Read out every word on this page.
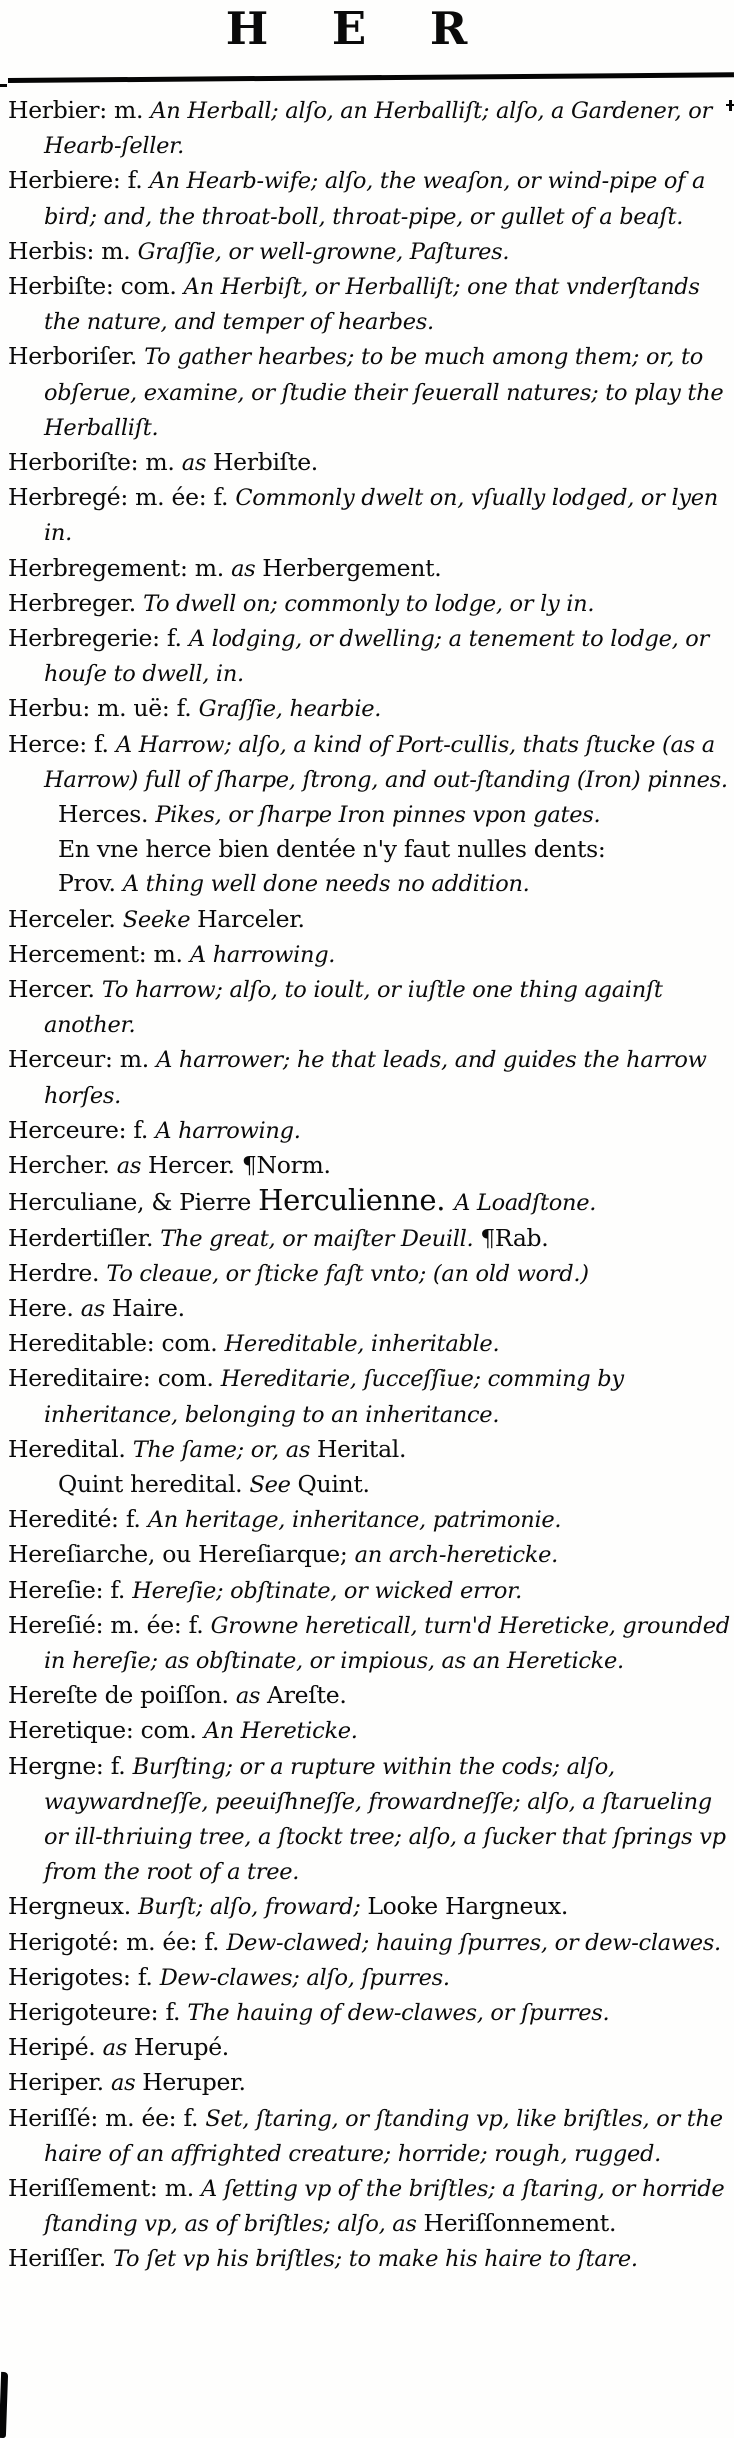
H E R

Herbier: m. An Herball; alſo, an Herballiſt; alſo, a Gardener, or Hearb-ſeller.

Herbiere: f. An Hearb-wife; alſo, the weaſon, or wind-pipe of a bird; and, the throat-boll, throat-pipe, or gullet of a beaſt.

Herbis: m. Graſſie, or well-growne, Paſtures.

Herbiſte: com. An Herbiſt, or Herballiſt; one that vnderſtands the nature, and temper of hearbes.

Herboriſer. To gather hearbes; to be much among them; or, to obſerue, examine, or ſtudie their ſeuerall natures; to play the Herballiſt.

Herboriſte: m. as Herbiſte.

Herbregé: m. ée: f. Commonly dwelt on, vſually lodged, or lyen in.

Herbregement: m. as Herbergement.

Herbreger. To dwell on; commonly to lodge, or ly in.

Herbregerie: f. A lodging, or dwelling; a tenement to lodge, or houſe to dwell, in.

Herbu: m. uë: f. Graſſie, hearbie.

Herce: f. A Harrow; alſo, a kind of Port-cullis, thats ſtucke (as a Harrow) full of ſharpe, ſtrong, and out-ſtanding (Iron) pinnes.

Herces. Pikes, or ſharpe Iron pinnes vpon gates.

En vne herce bien dentée n'y faut nulles dents:

Prov. A thing well done needs no addition.

Herceler. Seeke Harceler.

Hercement: m. A harrowing.

Hercer. To harrow; alſo, to ioult, or iuſtle one thing againſt another.

Herceur: m. A harrower; he that leads, and guides the harrow horſes.

Herceure: f. A harrowing.

Hercher. as Hercer. ¶Norm.

Herculiane, & Pierre Herculienne. A Loadſtone.

Herdertiſler. The great, or maiſter Deuill. ¶Rab.

Herdre. To cleaue, or ſticke faſt vnto; (an old word.)

Here. as Haire.

Hereditable: com. Hereditable, inheritable.

Hereditaire: com. Hereditarie, ſucceſſiue; comming by inheritance, belonging to an inheritance.

Heredital. The ſame; or, as Herital.

Quint heredital. See Quint.

Heredité: f. An heritage, inheritance, patrimonie.

Hereſiarche, ou Hereſiarque; an arch-hereticke.

Hereſie: f. Hereſie; obſtinate, or wicked error.

Hereſié: m. ée: f. Growne hereticall, turn'd Hereticke, grounded in hereſie; as obſtinate, or impious, as an Hereticke.

Hereſte de poiſſon. as Areſte.

Heretique: com. An Hereticke.

Hergne: f. Burſting; or a rupture within the cods; alſo, waywardneſſe, peeuiſhneſſe, frowardneſſe; alſo, a ſtarueling or ill-thriuing tree, a ſtockt tree; alſo, a ſucker that ſprings vp from the root of a tree.

Hergneux. Burſt; alſo, froward; Looke Hargneux.

Herigoté: m. ée: f. Dew-clawed; hauing ſpurres, or dew-clawes.

Herigotes: f. Dew-clawes; alſo, ſpurres.

Herigoteure: f. The hauing of dew-clawes, or ſpurres.

Heripé. as Herupé.

Heriper. as Heruper.

Heriſſé: m. ée: f. Set, ſtaring, or ſtanding vp, like briſtles, or the haire of an affrighted creature; horride; rough, rugged.

Heriſſement: m. A ſetting vp of the briſtles; a ſtaring, or horride ſtanding vp, as of briſtles; alſo, as Heriſſonnement.

Heriſſer. To ſet vp his briſtles; to make his haire to ſtare.
